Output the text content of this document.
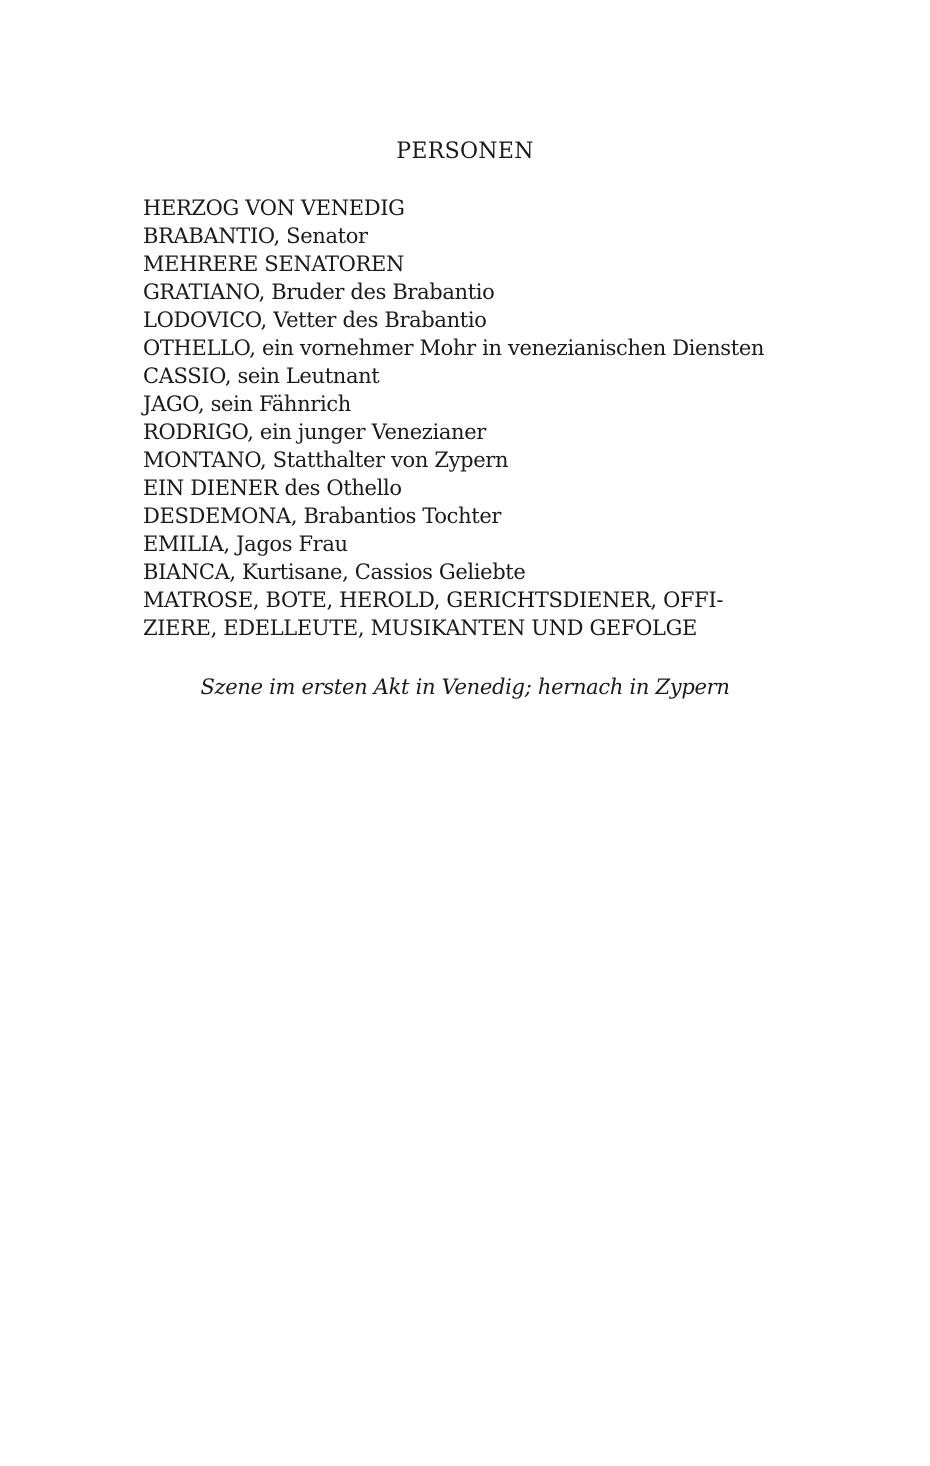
PERSONEN
HERZOG VON VENEDIG
BRABANTIO, Senator
MEHRERE SENATOREN
GRATIANO, Bruder des Brabantio
LODOVICO, Vetter des Brabantio
OTHELLO, ein vornehmer Mohr in venezianischen Diensten
CASSIO, sein Leutnant
JAGO, sein Fähnrich
RODRIGO, ein junger Venezianer
MONTANO, Statthalter von Zypern
EIN DIENER des Othello
DESDEMONA, Brabantios Tochter
EMILIA, Jagos Frau
BIANCA, Kurtisane, Cassios Geliebte
MATROSE, BOTE, HEROLD, GERICHTSDIENER, OFFI-
ZIERE, EDELLEUTE, MUSIKANTEN UND GEFOLGE
Szene im ersten Akt in Venedig; hernach in Zypern
